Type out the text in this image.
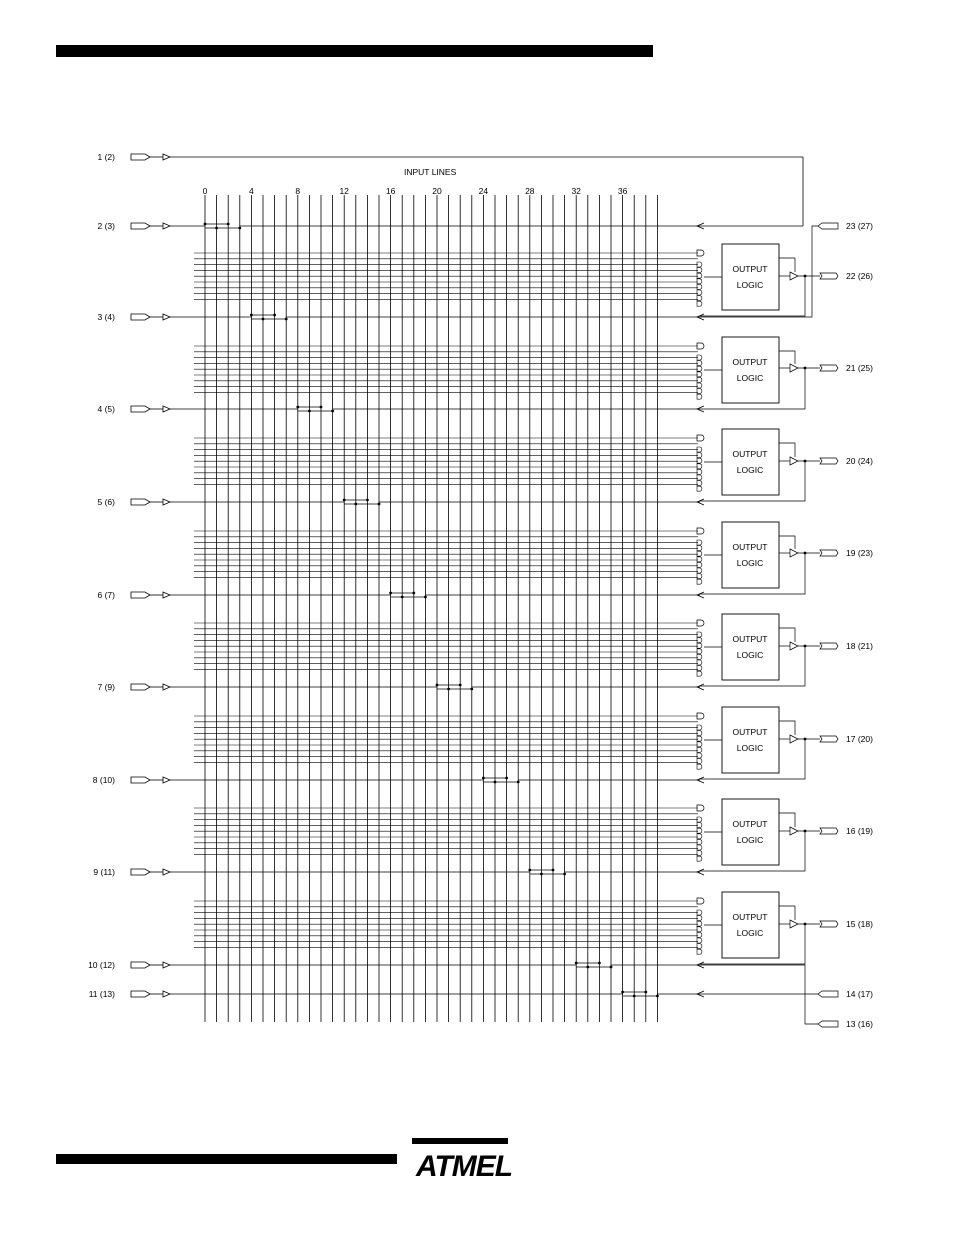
OUTPUT
LOGIC
OUTPUT
LOGIC
OUTPUT
LOGIC
OUTPUT
LOGIC
OUTPUT
LOGIC
OUTPUT
LOGIC
OUTPUT
LOGIC
OUTPUT
LOGIC
INPUT LINES
0	4	8	12	16	20	24	28	32	36
1 (2)
2 (3)
3 (4)
4 (5)
5 (6)
6 (7)
7 (9)
8 (10)
9 (11)
10 (12)
11 (13)
23 (27)
22 (26)
21 (25)
20 (24)
19 (23)
18 (21)
17 (20)
16 (19)
15 (18)
14 (17)
13 (16)
ATMEL
